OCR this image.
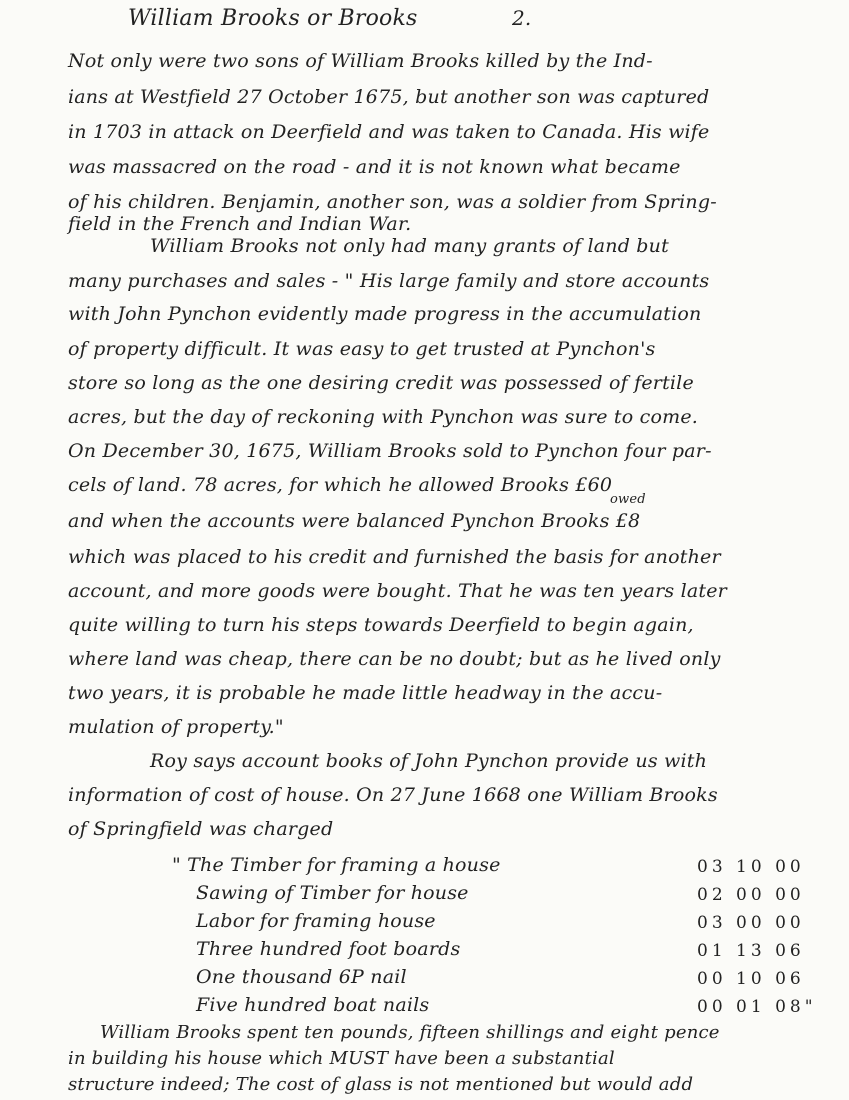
William Brooks or Brooks	2.
Not only were two sons of William Brooks killed by the Ind-
ians at Westfield 27 October 1675, but another son was captured
in 1703 in attack on Deerfield and was taken to Canada. His wife
was massacred on the road - and it is not known what became
of his children. Benjamin, another son, was a soldier from Spring-
field in the French and Indian War.
William Brooks not only had many grants of land but
many purchases and sales - " His large family and store accounts
with John Pynchon evidently made progress in the accumulation
of property difficult. It was easy to get trusted at Pynchon's
store so long as the one desiring credit was possessed of fertile
acres, but the day of reckoning with Pynchon was sure to come.
On December 30, 1675, William Brooks sold to Pynchon four par-
cels of land. 78 acres, for which he allowed Brooks £60
owed
and when the accounts were balanced Pynchon Brooks £8
which was placed to his credit and furnished the basis for another
account, and more goods were bought. That he was ten years later
quite willing to turn his steps towards Deerfield to begin again,
where land was cheap, there can be no doubt; but as he lived only
two years, it is probable he made little headway in the accu-
mulation of property."
Roy says account books of John Pynchon provide us with
information of cost of house. On 27 June 1668 one William Brooks
of Springfield was charged
" The Timber for framing a house	03 10 00
Sawing of Timber for house	02 00 00
Labor for framing house	03 00 00
Three hundred foot boards	01 13 06
One thousand 6P nail	00 10 06
Five hundred boat nails	00 01 08"
William Brooks spent ten pounds, fifteen shillings and eight pence
in building his house which MUST have been a substantial
structure indeed; The cost of glass is not mentioned but would add
